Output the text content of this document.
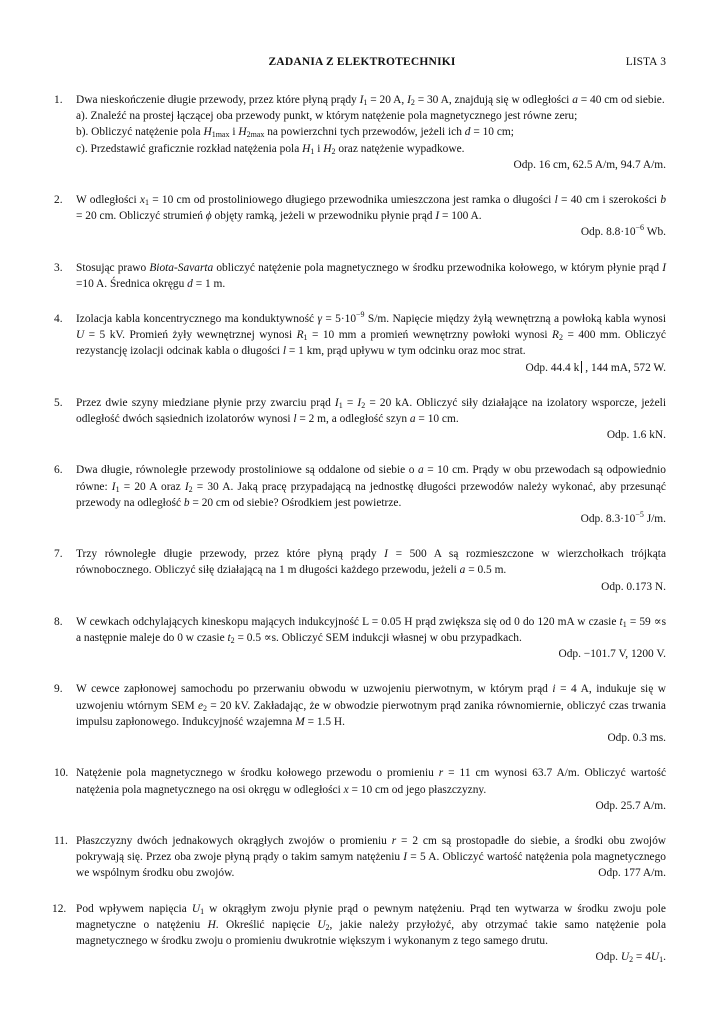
ZADANIA Z ELEKTROTECHNIKI	LISTA 3
1. Dwa nieskończenie długie przewody, przez które płyną prądy $I_1 = 20$ A, $I_2 = 30$ A, znajdują się w odległości a = 40 cm od siebie.

a). Znaleźć na prostej łączącej oba przewody punkt, w którym natężenie pola magnetycznego jest równe zeru;

b). Obliczyć natężenie pola $H_{1max}$ i $H_{2max}$ na powierzchni tych przewodów, jeżeli ich d = 10 cm;

c). Przedstawić graficznie rozkład natężenia pola $H_1$ i $H_2$ oraz natężenie wypadkowe.

Odp. 16 cm, 62.5 A/m, 94.7 A/m.

2. W odległości $x_1 = 10$ cm od prostoliniowego długiego przewodnika umieszczona jest ramka o długości l = 40 cm i szerokości b = 20 cm. Obliczyć strumień ϕ objęty ramką, jeżeli w przewodniku płynie prąd I = 100 A.

Odp. $8.8\cdot 10^{-6}$ Wb.

3. Stosując prawo Biota-Savarta obliczyć natężenie pola magnetycznego w środku przewodnika kołowego, w którym płynie prąd I =10 A. Średnica okręgu d = 1 m.

4. Izolacja kabla koncentrycznego ma konduktywność $\gamma = 5\cdot 10^{-9}$ S/m. Napięcie między żyłą wewnętrzną a powłoką kabla wynosi U = 5 kV. Promień żyły wewnętrznej wynosi $R_1 = 10$ mm a promień wewnętrzny powłoki wynosi $R_2 = 400$ mm. Obliczyć rezystancję izolacji odcinak kabla o długości l = 1 km, prąd upływu w tym odcinku oraz moc strat.

Odp. 44.4 k , 144 mA, 572 W.

5. Przez dwie szyny miedziane płynie przy zwarciu prąd $I_1 = I_2 = 20$ kA. Obliczyć siły działające na izolatory wsporcze, jeżeli odległość dwóch sąsiednich izolatorów wynosi l = 2 m, a odległość szyn a = 10 cm.

Odp. 1.6 kN.

6. Dwa długie, równoległe przewody prostoliniowe są oddalone od siebie o a = 10 cm. Prądy w obu przewodach są odpowiednio równe: $I_1 = 20$ A oraz $I_2 = 30$ A. Jaką pracę przypadającą na jednostkę długości przewodów należy wykonać, aby przesunąć przewody na odległość b = 20 cm od siebie? Ośrodkiem jest powietrze.

Odp. $8.3\cdot 10^{-5}$ J/m.

7. Trzy równoległe długie przewody, przez które płyną prądy I = 500 A są rozmieszczone w wierzchołkach trójkąta równobocznego. Obliczyć siłę działającą na 1 m długości każdego przewodu, jeżeli a = 0.5 m.

Odp. 0.173 N.

8. W cewkach odchylających kineskopu mających indukcyjność L = 0.05 H prąd zwiększa się od 0 do 120 mA w czasie $t_1 = 59 \propto s$ a następnie maleje do 0 w czasie $t_2 = 0.5 \propto s$. Obliczyć SEM indukcji własnej w obu przypadkach.

Odp. −101.7 V, 1200 V.

9. W cewce zapłonowej samochodu po przerwaniu obwodu w uzwojeniu pierwotnym, w którym prąd i = 4 A, indukuje się w uzwojeniu wtórnym SEM $e_2 = 20$ kV. Zakładając, że w obwodzie pierwotnym prąd zanika równomiernie, obliczyć czas trwania impulsu zapłonowego. Indukcyjność wzajemna M = 1.5 H.

Odp. 0.3 ms.

10. Natężenie pola magnetycznego w środku kołowego przewodu o promieniu r = 11 cm wynosi 63.7 A/m. Obliczyć wartość natężenia pola magnetycznego na osi okręgu w odległości x = 10 cm od jego płaszczyzny.

Odp. 25.7 A/m.

11. Płaszczyzny dwóch jednakowych okrągłych zwojów o promieniu r = 2 cm są prostopadłe do siebie, a środki obu zwojów pokrywają się. Przez oba zwoje płyną prądy o takim samym natężeniu I = 5 A. Obliczyć wartość natężenia pola magnetycznego we wspólnym środku obu zwojów.	Odp. 177 A/m.

12. Pod wpływem napięcia $U_1$ w okrągłym zwoju płynie prąd o pewnym natężeniu. Prąd ten wytwarza w środku zwoju pole magnetyczne o natężeniu H. Określić napięcie $U_2$, jakie należy przyłożyć, aby otrzymać takie samo natężenie pola magnetycznego w środku zwoju o promieniu dwukrotnie większym i wykonanym z tego samego drutu.

Odp. $U_2 = 4U_1$.
